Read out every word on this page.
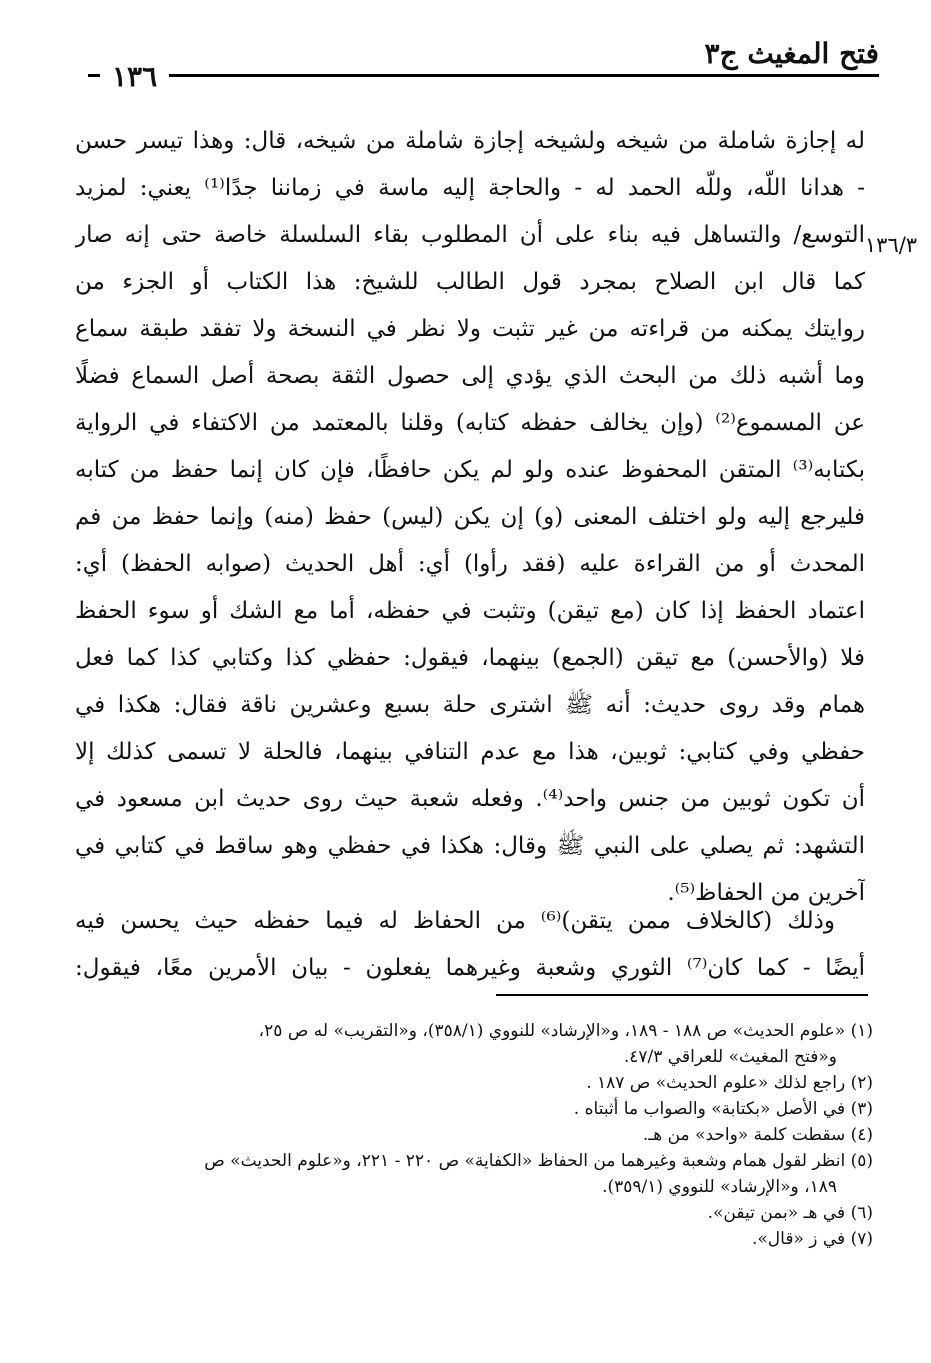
فتح المغيث ج٣
١٣٦
١٣٦/٣
له إجازة شاملة من شيخه ولشيخه إجازة شاملة من شيخه، قال: وهذا تيسر حسن
- هدانا اللّه، وللّه الحمد له - والحاجة إليه ماسة في زماننا جدًا⁽¹⁾ يعني: لمزيد
التوسع/ والتساهل فيه بناء على أن المطلوب بقاء السلسلة خاصة حتى إنه صار
كما قال ابن الصلاح بمجرد قول الطالب للشيخ: هذا الكتاب أو الجزء من
روايتك يمكنه من قراءته من غير تثبت ولا نظر في النسخة ولا تفقد طبقة سماع
وما أشبه ذلك من البحث الذي يؤدي إلى حصول الثقة بصحة أصل السماع فضلًا
عن المسموع⁽²⁾ (وإن يخالف حفظه كتابه) وقلنا بالمعتمد من الاكتفاء في الرواية
بكتابه⁽³⁾ المتقن المحفوظ عنده ولو لم يكن حافظًا، فإن كان إنما حفظ من كتابه
فليرجع إليه ولو اختلف المعنى (و) إن يكن (ليس) حفظ (منه) وإنما حفظ من فم
المحدث أو من القراءة عليه (فقد رأوا) أي: أهل الحديث (صوابه الحفظ) أي:
اعتماد الحفظ إذا كان (مع تيقن) وتثبت في حفظه، أما مع الشك أو سوء الحفظ
فلا (والأحسن) مع تيقن (الجمع) بينهما، فيقول: حفظي كذا وكتابي كذا كما فعل
همام وقد روى حديث: أنه ﷺ اشترى حلة بسبع وعشرين ناقة فقال: هكذا في
حفظي وفي كتابي: ثوبين، هذا مع عدم التنافي بينهما، فالحلة لا تسمى كذلك إلا
أن تكون ثوبين من جنس واحد⁽⁴⁾. وفعله شعبة حيث روى حديث ابن مسعود في
التشهد: ثم يصلي على النبي ﷺ وقال: هكذا في حفظي وهو ساقط في كتابي في
آخرين من الحفاظ⁽⁵⁾.
وذلك (كالخلاف ممن يتقن)⁽⁶⁾ من الحفاظ له فيما حفظه حيث يحسن فيه
أيضًا - كما كان⁽⁷⁾ الثوري وشعبة وغيرهما يفعلون - بيان الأمرين معًا، فيقول:
(١) «علوم الحديث» ص ١٨٨ - ١٨٩، و«الإرشاد» للنووي (٣٥٨/١)، و«التقريب» له ص ٢٥،
و«فتح المغيث» للعراقي ٤٧/٣.
(٢) راجع لذلك «علوم الحديث» ص ١٨٧ .
(٣) في الأصل «بكتابة» والصواب ما أثبتاه .
(٤) سقطت كلمة «واحد» من هـ.
(٥) انظر لقول همام وشعبة وغيرهما من الحفاظ «الكفاية» ص ٢٢٠ - ٢٢١، و«علوم الحديث» ص
١٨٩، و«الإرشاد» للنووي (٣٥٩/١).
(٦) في هـ «بمن تيقن».
(٧) في ز «قال».
